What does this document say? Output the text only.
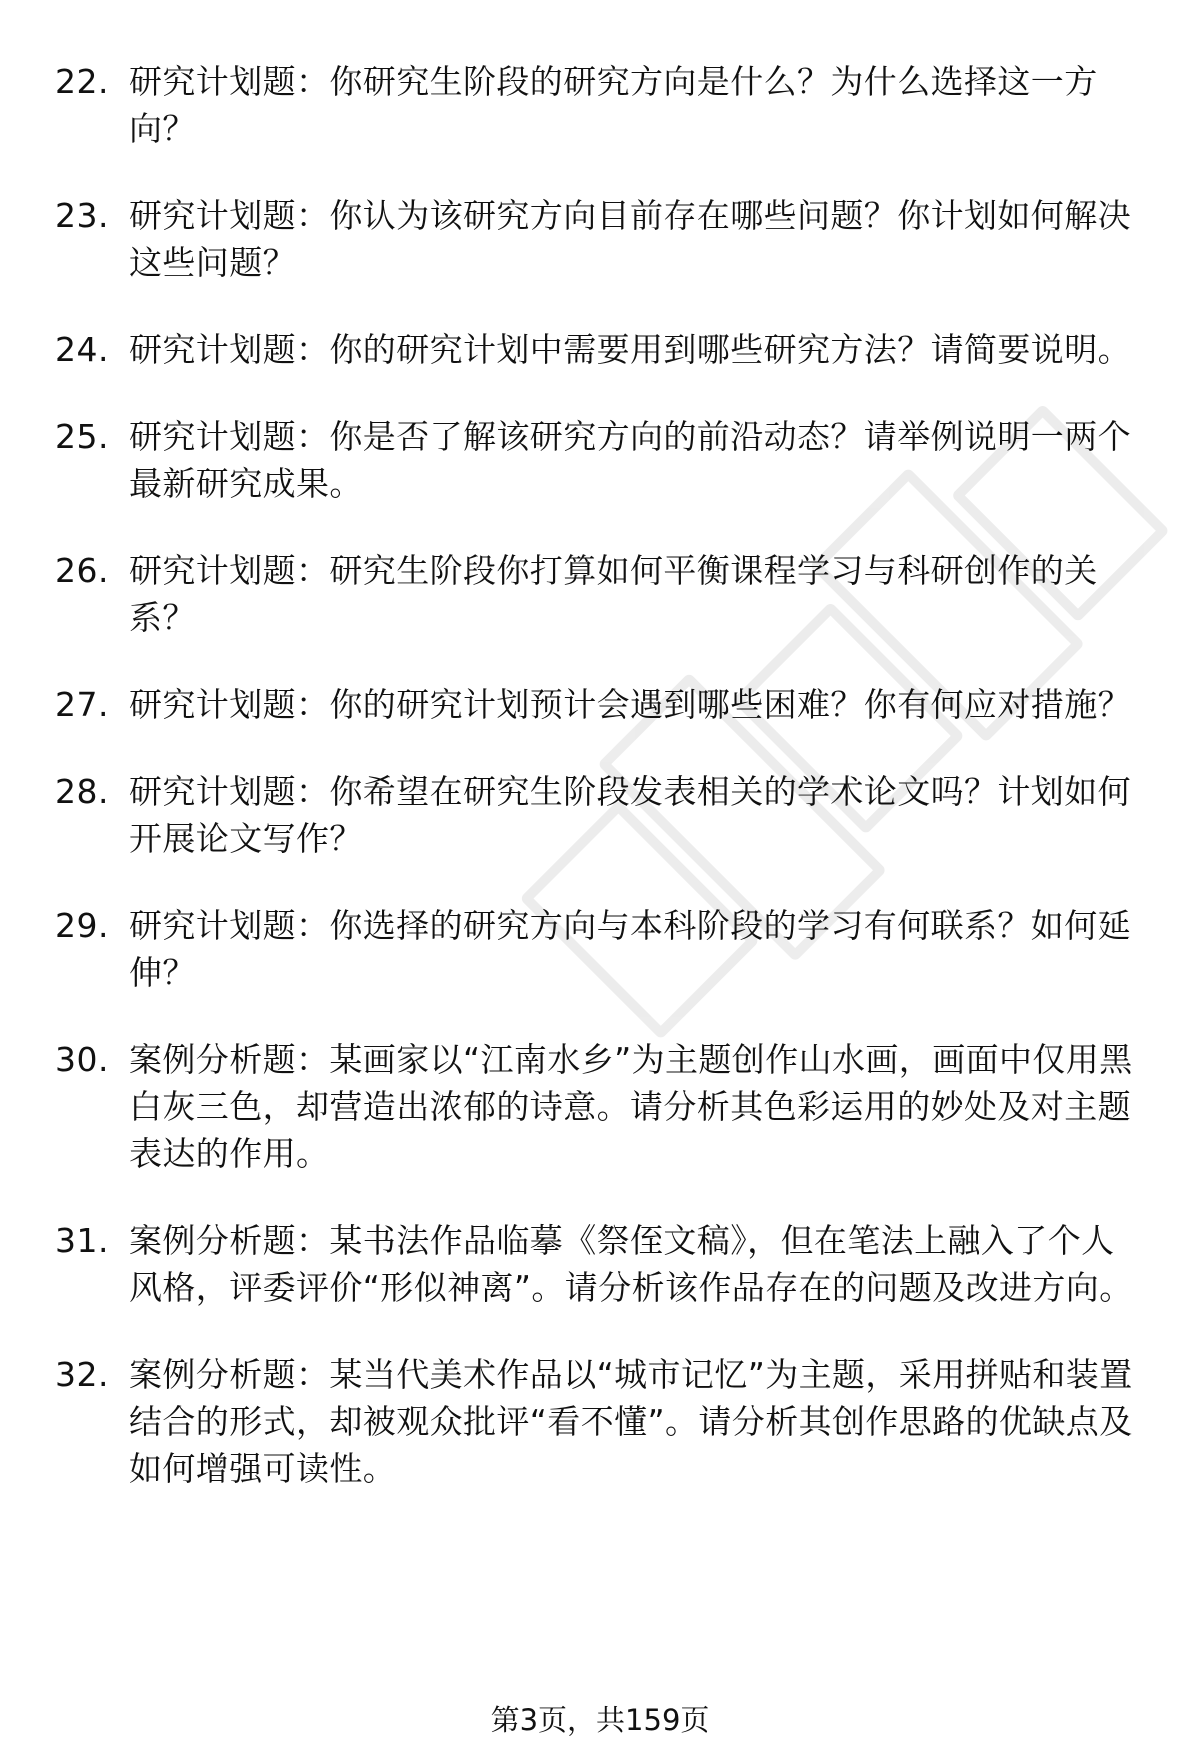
22. 研究计划题：你研究生阶段的研究方向是什么？为什么选择这一方向？
23. 研究计划题：你认为该研究方向目前存在哪些问题？你计划如何解决这些问题？
24. 研究计划题：你的研究计划中需要用到哪些研究方法？请简要说明。
25. 研究计划题：你是否了解该研究方向的前沿动态？请举例说明一两个最新研究成果。
26. 研究计划题：研究生阶段你打算如何平衡课程学习与科研创作的关系？
27. 研究计划题：你的研究计划预计会遇到哪些困难？你有何应对措施？
28. 研究计划题：你希望在研究生阶段发表相关的学术论文吗？计划如何开展论文写作？
29. 研究计划题：你选择的研究方向与本科阶段的学习有何联系？如何延伸？
30. 案例分析题：某画家以“江南水乡”为主题创作山水画，画面中仅用黑白灰三色，却营造出浓郁的诗意。请分析其色彩运用的妙处及对主题表达的作用。
31. 案例分析题：某书法作品临摹《祭侄文稿》，但在笔法上融入了个人风格，评委评价“形似神离”。请分析该作品存在的问题及改进方向。
32. 案例分析题：某当代美术作品以“城市记忆”为主题，采用拼贴和装置结合的形式，却被观众批评“看不懂”。请分析其创作思路的优缺点及如何增强可读性。
第3页，共159页
